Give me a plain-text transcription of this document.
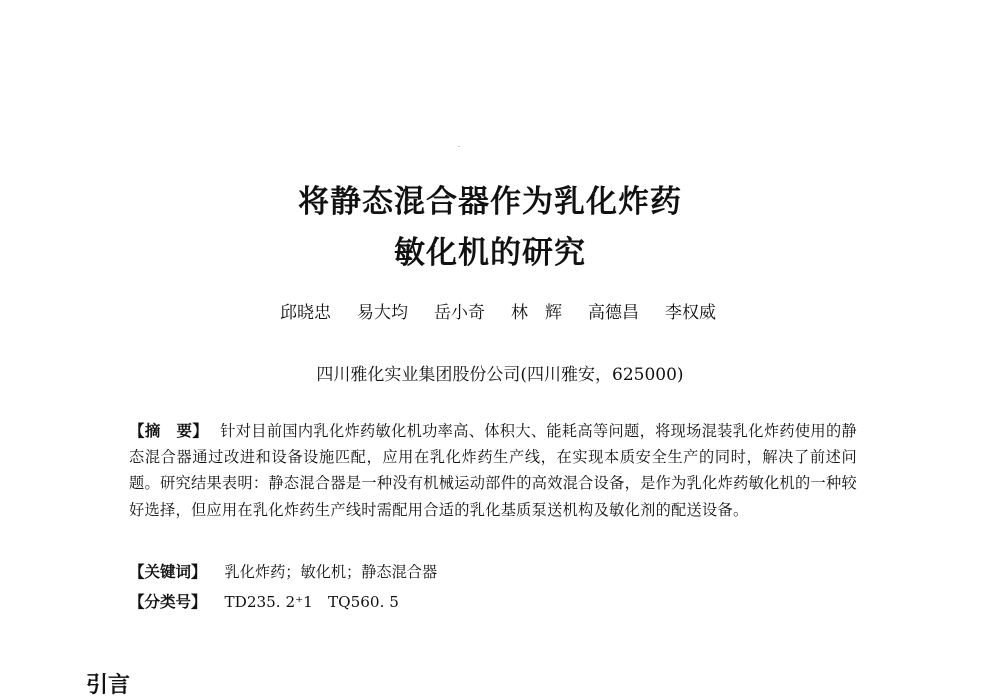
将静态混合器作为乳化炸药
敏化机的研究
邱晓忠 易大均 岳小奇 林　辉 高德昌 李权威
四川雅化实业集团股份公司(四川雅安，625000)
【摘　要】 针对目前国内乳化炸药敏化机功率高、体积大、能耗高等问题，将现场混装乳化炸药使用的静态混合器通过改进和设备设施匹配，应用在乳化炸药生产线，在实现本质安全生产的同时，解决了前述问题。研究结果表明：静态混合器是一种没有机械运动部件的高效混合设备，是作为乳化炸药敏化机的一种较好选择，但应用在乳化炸药生产线时需配用合适的乳化基质泵送机构及敏化剂的配送设备。
【关键词】 乳化炸药；敏化机；静态混合器
【分类号】 TD235. 2⁺1　TQ560. 5
引言
